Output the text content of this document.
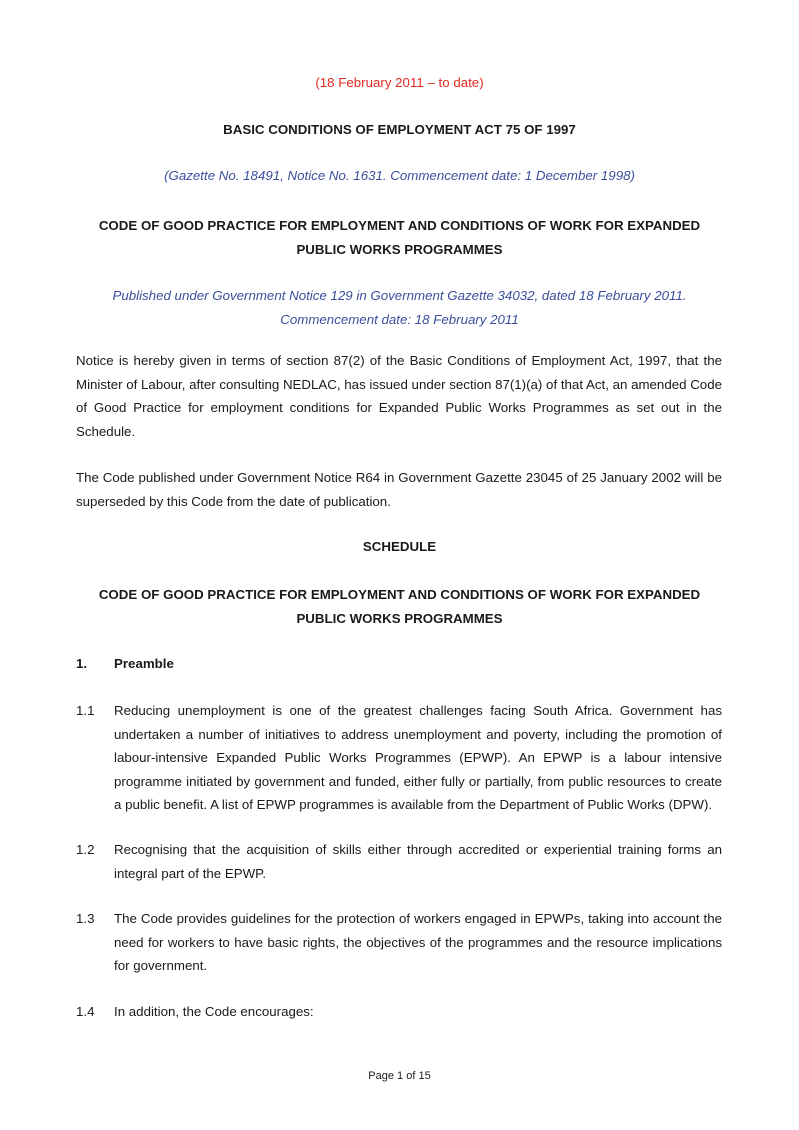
(18 February 2011 – to date)
BASIC CONDITIONS OF EMPLOYMENT ACT 75 OF 1997
(Gazette No. 18491, Notice No. 1631. Commencement date: 1 December 1998)
CODE OF GOOD PRACTICE FOR EMPLOYMENT AND CONDITIONS OF WORK FOR EXPANDED
PUBLIC WORKS PROGRAMMES
Published under Government Notice 129 in Government Gazette 34032, dated 18 February 2011.
Commencement date: 18 February 2011
Notice is hereby given in terms of section 87(2) of the Basic Conditions of Employment Act, 1997, that the Minister of Labour, after consulting NEDLAC, has issued under section 87(1)(a) of that Act, an amended Code of Good Practice for employment conditions for Expanded Public Works Programmes as set out in the Schedule.
The Code published under Government Notice R64 in Government Gazette 23045 of 25 January 2002 will be superseded by this Code from the date of publication.
SCHEDULE
CODE OF GOOD PRACTICE FOR EMPLOYMENT AND CONDITIONS OF WORK FOR EXPANDED
PUBLIC WORKS PROGRAMMES
1. Preamble
1.1 Reducing unemployment is one of the greatest challenges facing South Africa. Government has undertaken a number of initiatives to address unemployment and poverty, including the promotion of labour-intensive Expanded Public Works Programmes (EPWP). An EPWP is a labour intensive programme initiated by government and funded, either fully or partially, from public resources to create a public benefit. A list of EPWP programmes is available from the Department of Public Works (DPW).
1.2 Recognising that the acquisition of skills either through accredited or experiential training forms an integral part of the EPWP.
1.3 The Code provides guidelines for the protection of workers engaged in EPWPs, taking into account the need for workers to have basic rights, the objectives of the programmes and the resource implications for government.
1.4 In addition, the Code encourages:
Page 1 of 15
